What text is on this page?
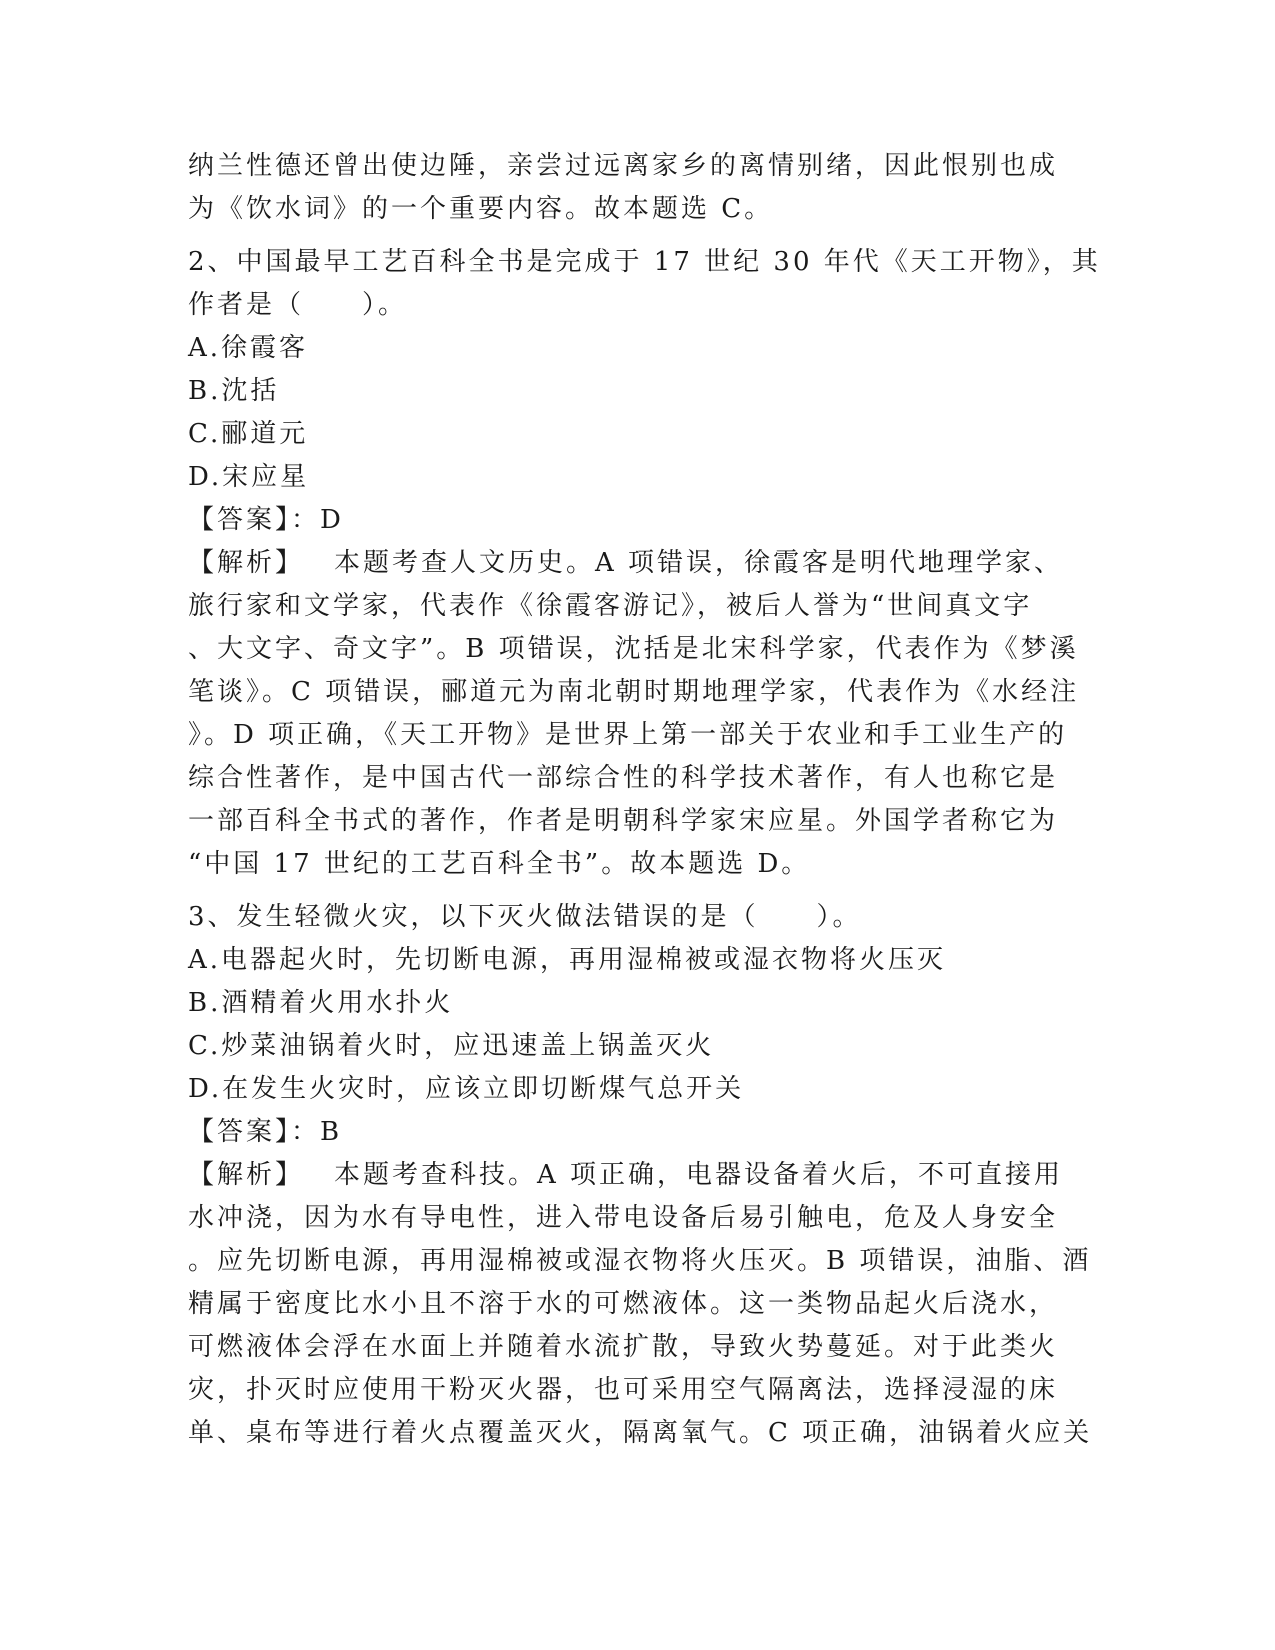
纳兰性德还曾出使边陲，亲尝过远离家乡的离情别绪，因此恨别也成

为《饮水词》的一个重要内容。故本题选 C。

2、中国最早工艺百科全书是完成于 17 世纪 30 年代《天工开物》，其

作者是（　　）。

A.徐霞客

B.沈括

C.郦道元

D.宋应星

【答案】：D

【解析】 本题考查人文历史。A 项错误，徐霞客是明代地理学家、

旅行家和文学家，代表作《徐霞客游记》，被后人誉为“世间真文字

、大文字、奇文字”。B 项错误，沈括是北宋科学家，代表作为《梦溪

笔谈》。C 项错误，郦道元为南北朝时期地理学家，代表作为《水经注

》。D 项正确，《天工开物》是世界上第一部关于农业和手工业生产的

综合性著作，是中国古代一部综合性的科学技术著作，有人也称它是

一部百科全书式的著作，作者是明朝科学家宋应星。外国学者称它为

“中国 17 世纪的工艺百科全书”。故本题选 D。

3、发生轻微火灾，以下灭火做法错误的是（　　）。

A.电器起火时，先切断电源，再用湿棉被或湿衣物将火压灭

B.酒精着火用水扑火

C.炒菜油锅着火时，应迅速盖上锅盖灭火

D.在发生火灾时，应该立即切断煤气总开关

【答案】：B

【解析】 本题考查科技。A 项正确，电器设备着火后，不可直接用

水冲浇，因为水有导电性，进入带电设备后易引触电，危及人身安全

。应先切断电源，再用湿棉被或湿衣物将火压灭。B 项错误，油脂、酒

精属于密度比水小且不溶于水的可燃液体。这一类物品起火后浇水，

可燃液体会浮在水面上并随着水流扩散，导致火势蔓延。对于此类火

灾，扑灭时应使用干粉灭火器，也可采用空气隔离法，选择浸湿的床

单、桌布等进行着火点覆盖灭火，隔离氧气。C 项正确，油锅着火应关
